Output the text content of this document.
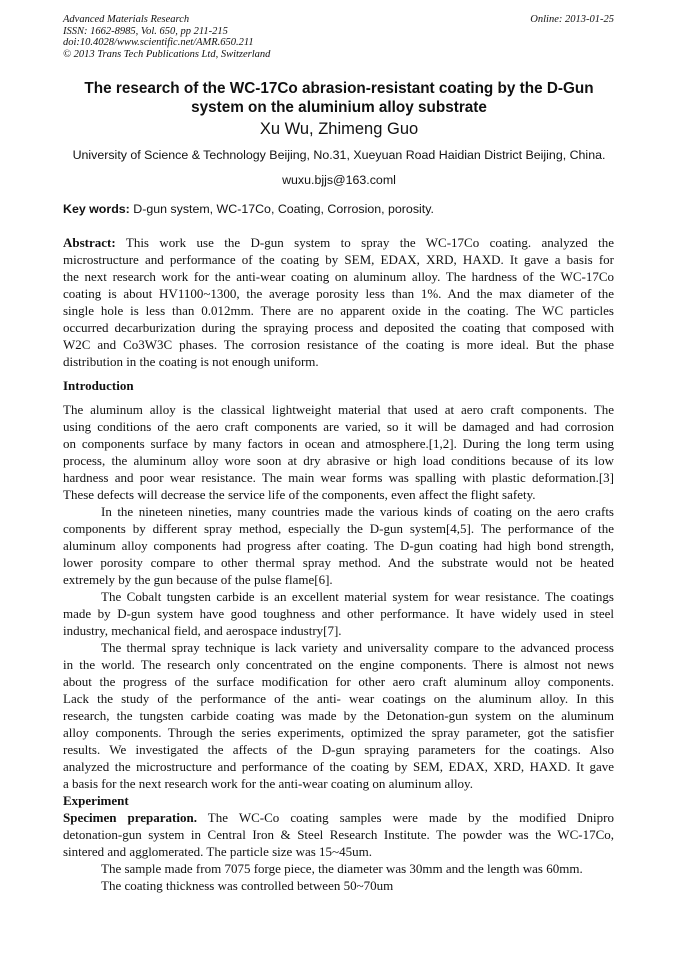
Advanced Materials Research
ISSN: 1662-8985, Vol. 650, pp 211-215
doi:10.4028/www.scientific.net/AMR.650.211
© 2013 Trans Tech Publications Ltd, Switzerland
Online: 2013-01-25
The research of the WC-17Co abrasion-resistant coating by the D-Gun
system on the aluminium alloy substrate
Xu Wu, Zhimeng Guo
University of Science & Technology Beijing, No.31, Xueyuan Road Haidian District Beijing, China.
wuxu.bjjs@163.coml
Key words: D-gun system, WC-17Co, Coating, Corrosion, porosity.
Abstract: This work use the D-gun system to spray the WC-17Co coating. analyzed the
microstructure and performance of the coating by SEM, EDAX, XRD, HAXD. It gave a basis for
the next research work for the anti-wear coating on aluminum alloy. The hardness of the WC-17Co
coating is about HV1100~1300, the average porosity less than 1%. And the max diameter of the
single hole is less than 0.012mm. There are no apparent oxide in the coating. The WC particles
occurred decarburization during the spraying process and deposited the coating that composed with
W2C and Co3W3C phases. The corrosion resistance of the coating is more ideal. But the phase
distribution in the coating is not enough uniform.
Introduction
The aluminum alloy is the classical lightweight material that used at aero craft components. The
using conditions of the aero craft components are varied, so it will be damaged and had corrosion
on components surface by many factors in ocean and atmosphere.[1,2]. During the long term using
process, the aluminum alloy wore soon at dry abrasive or high load conditions because of its low
hardness and poor wear resistance. The main wear forms was spalling with plastic deformation.[3]
These defects will decrease the service life of the components, even affect the flight safety.
In the nineteen nineties, many countries made the various kinds of coating on the aero crafts
components by different spray method, especially the D-gun system[4,5]. The performance of the
aluminum alloy components had progress after coating. The D-gun coating had high bond strength,
lower porosity compare to other thermal spray method. And the substrate would not be heated
extremely by the gun because of the pulse flame[6].
The Cobalt tungsten carbide is an excellent material system for wear resistance. The coatings
made by D-gun system have good toughness and other performance. It have widely used in steel
industry, mechanical field, and aerospace industry[7].
The thermal spray technique is lack variety and universality compare to the advanced process
in the world. The research only concentrated on the engine components. There is almost not news
about the progress of the surface modification for other aero craft aluminum alloy components.
Lack the study of the performance of the anti- wear coatings on the aluminum alloy. In this
research, the tungsten carbide coating was made by the Detonation-gun system on the aluminum
alloy components. Through the series experiments, optimized the spray parameter, got the satisfier
results. We investigated the affects of the D-gun spraying parameters for the coatings. Also
analyzed the microstructure and performance of the coating by SEM, EDAX, XRD, HAXD. It gave
a basis for the next research work for the anti-wear coating on aluminum alloy.
Experiment
Specimen preparation. The WC-Co coating samples were made by the modified Dnipro
detonation-gun system in Central Iron & Steel Research Institute. The powder was the WC-17Co,
sintered and agglomerated. The particle size was 15~45um.
The sample made from 7075 forge piece, the diameter was 30mm and the length was 60mm.
The coating thickness was controlled between 50~70um
